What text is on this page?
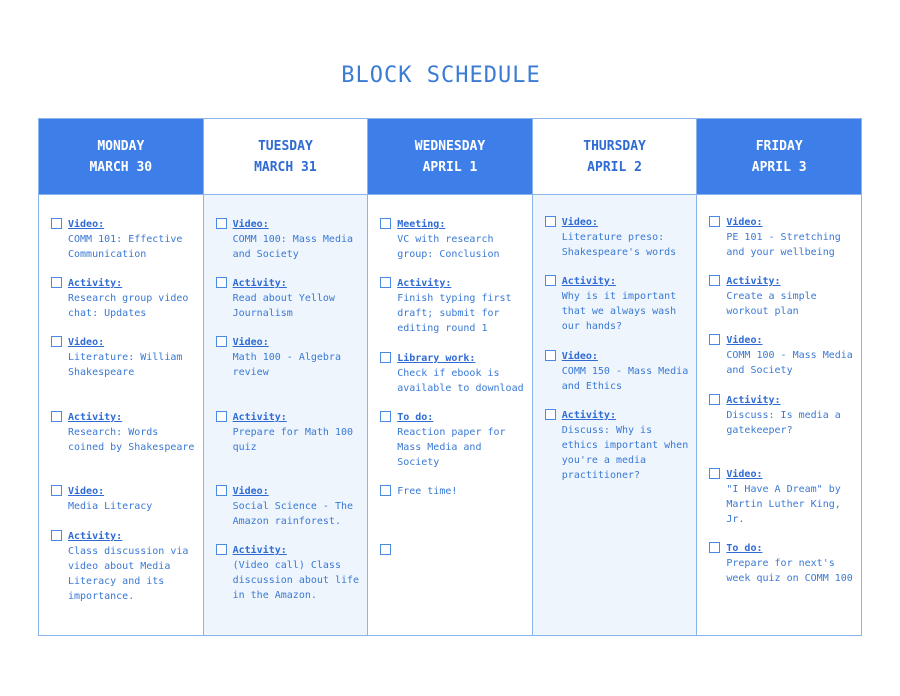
BLOCK SCHEDULE
MONDAY
MARCH 30
Video:
COMM 101: Effective
Communication
Activity:
Research group video
chat: Updates
Video:
Literature: William
Shakespeare
Activity:
Research: Words
coined by Shakespeare
Video:
Media Literacy
Activity:
Class discussion via
video about Media
Literacy and its
importance.
TUESDAY
MARCH 31
Video:
COMM 100: Mass Media
and Society
Activity:
Read about Yellow
Journalism
Video:
Math 100 - Algebra
review
Activity:
Prepare for Math 100
quiz
Video:
Social Science - The
Amazon rainforest.
Activity:
(Video call) Class
discussion about life
in the Amazon.
WEDNESDAY
APRIL 1
Meeting:
VC with research
group: Conclusion
Activity:
Finish typing first
draft; submit for
editing round 1
Library work:
Check if ebook is
available to download
To do:
Reaction paper for
Mass Media and
Society
Free time!
THURSDAY
APRIL 2
Video:
Literature preso:
Shakespeare's words
Activity:
Why is it important
that we always wash
our hands?
Video:
COMM 150 - Mass Media
and Ethics
Activity:
Discuss: Why is
ethics important when
you're a media
practitioner?
FRIDAY
APRIL 3
Video:
PE 101 - Stretching
and your wellbeing
Activity:
Create a simple
workout plan
Video:
COMM 100 - Mass Media
and Society
Activity:
Discuss: Is media a
gatekeeper?
Video:
"I Have A Dream" by
Martin Luther King,
Jr.
To do:
Prepare for next's
week quiz on COMM 100
